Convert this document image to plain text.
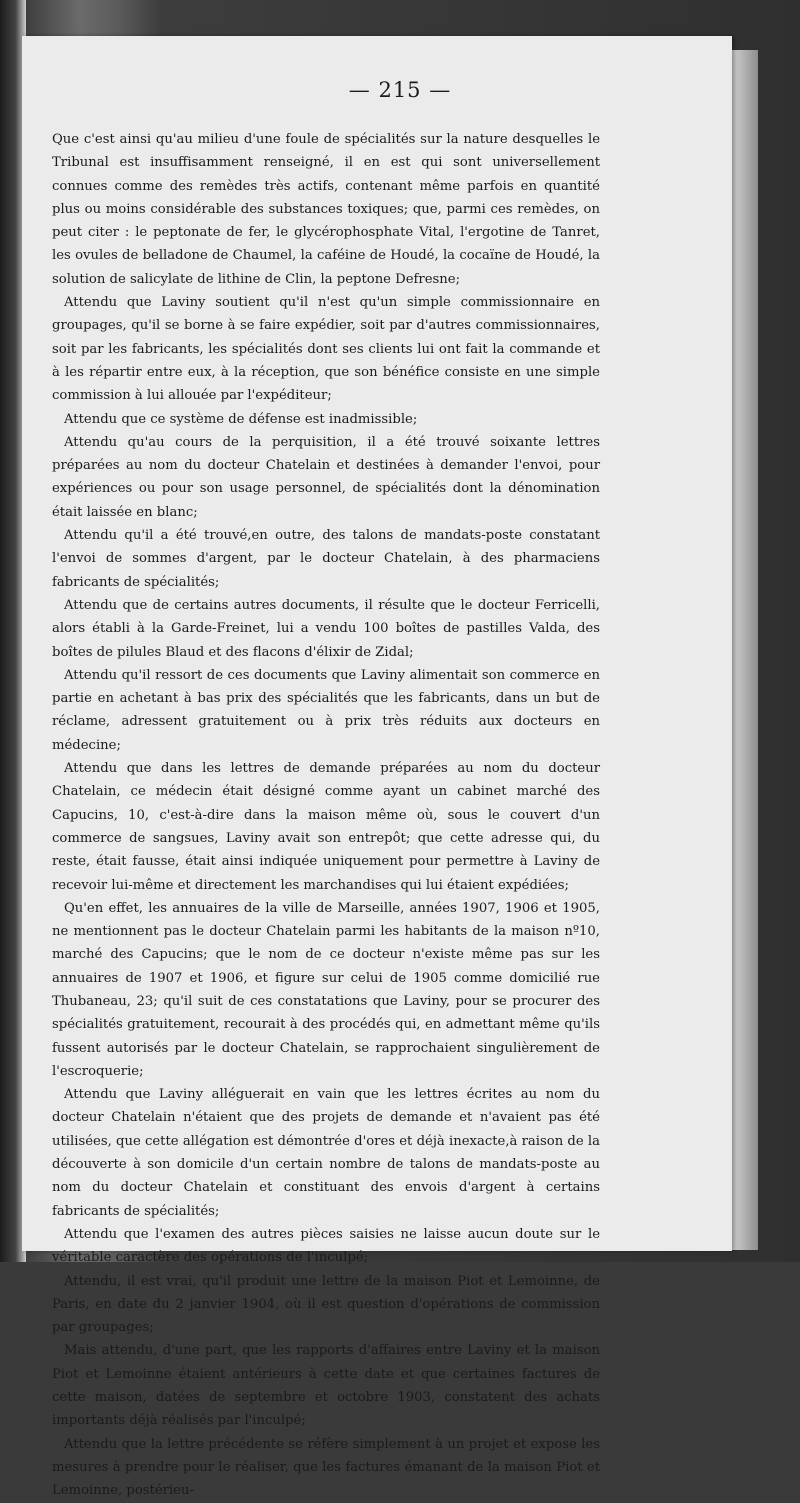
— 215 —

Que c'est ainsi qu'au milieu d'une foule de spécialités sur la nature desquelles le Tribunal est insuffisamment renseigné, il en est qui sont universellement connues comme des remèdes très actifs, contenant même parfois en quantité plus ou moins considérable des substances toxiques; que, parmi ces remèdes, on peut citer : le peptonate de fer, le glycérophosphate Vital, l'ergotine de Tanret, les ovules de belladone de Chaumel, la caféine de Houdé, la cocaïne de Houdé, la solution de salicylate de lithine de Clin, la peptone Defresne;

Attendu que Laviny soutient qu'il n'est qu'un simple commissionnaire en groupages, qu'il se borne à se faire expédier, soit par d'autres commissionnaires, soit par les fabricants, les spécialités dont ses clients lui ont fait la commande et à les répartir entre eux, à la réception, que son bénéfice consiste en une simple commission à lui allouée par l'expéditeur;

Attendu que ce système de défense est inadmissible;

Attendu qu'au cours de la perquisition, il a été trouvé soixante lettres préparées au nom du docteur Chatelain et destinées à demander l'envoi, pour expériences ou pour son usage personnel, de spécialités dont la dénomination était laissée en blanc;

Attendu qu'il a été trouvé,en outre, des talons de mandats-poste constatant l'envoi de sommes d'argent, par le docteur Chatelain, à des pharmaciens fabricants de spécialités;

Attendu que de certains autres documents, il résulte que le docteur Ferricelli, alors établi à la Garde-Freinet, lui a vendu 100 boîtes de pastilles Valda, des boîtes de pilules Blaud et des flacons d'élixir de Zidal;

Attendu qu'il ressort de ces documents que Laviny alimentait son commerce en partie en achetant à bas prix des spécialités que les fabricants, dans un but de réclame, adressent gratuitement ou à prix très réduits aux docteurs en médecine;

Attendu que dans les lettres de demande préparées au nom du docteur Chatelain, ce médecin était désigné comme ayant un cabinet marché des Capucins, 10, c'est-à-dire dans la maison même où, sous le couvert d'un commerce de sangsues, Laviny avait son entrepôt; que cette adresse qui, du reste, était fausse, était ainsi indiquée uniquement pour permettre à Laviny de recevoir lui-même et directement les marchandises qui lui étaient expédiées;

Qu'en effet, les annuaires de la ville de Marseille, années 1907, 1906 et 1905, ne mentionnent pas le docteur Chatelain parmi les habitants de la maison nº10, marché des Capucins; que le nom de ce docteur n'existe même pas sur les annuaires de 1907 et 1906, et figure sur celui de 1905 comme domicilié rue Thubaneau, 23; qu'il suit de ces constatations que Laviny, pour se procurer des spécialités gratuitement, recourait à des procédés qui, en admettant même qu'ils fussent autorisés par le docteur Chatelain, se rapprochaient singulièrement de l'escroquerie;

Attendu que Laviny alléguerait en vain que les lettres écrites au nom du docteur Chatelain n'étaient que des projets de demande et n'avaient pas été utilisées, que cette allégation est démontrée d'ores et déjà inexacte,à raison de la découverte à son domicile d'un certain nombre de talons de mandats-poste au nom du docteur Chatelain et constituant des envois d'argent à certains fabricants de spécialités;

Attendu que l'examen des autres pièces saisies ne laisse aucun doute sur le véritable caractère des opérations de l'inculpé;

Attendu, il est vrai, qu'il produit une lettre de la maison Piot et Lemoinne, de Paris, en date du 2 janvier 1904, où il est question d'opérations de commission par groupages;

Mais attendu, d'une part, que les rapports d'affaires entre Laviny et la maison Piot et Lemoinne étaient antérieurs à cette date et que certaines factures de cette maison, datées de septembre et octobre 1903, constatent des achats importants déjà réalisés par l'inculpé;

Attendu que la lettre précédente se réfère simplement à un projet et expose les mesures à prendre pour le réaliser, que les factures émanant de la maison Piot et Lemoinne, postérieu-
